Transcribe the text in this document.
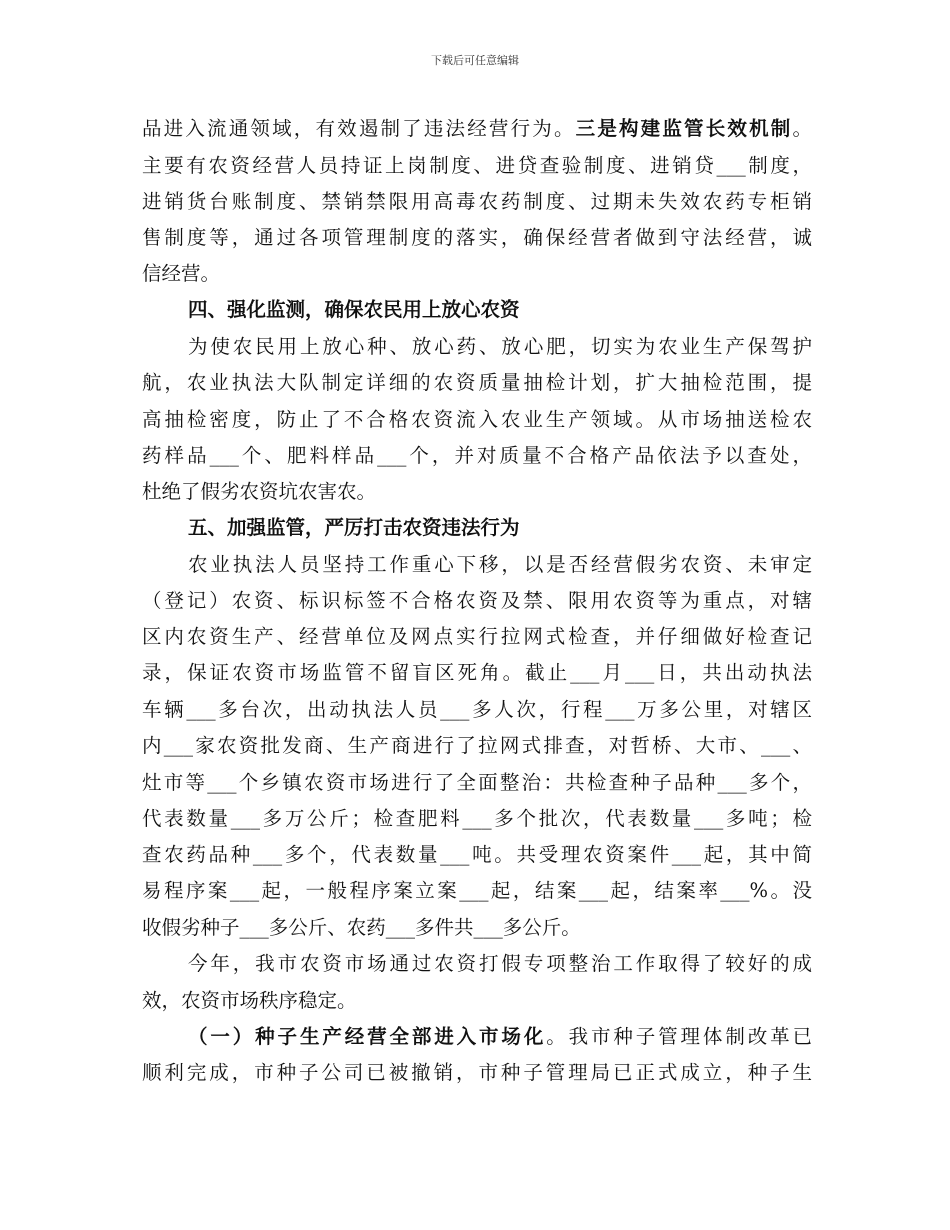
下载后可任意编辑
品进入流通领域，有效遏制了违法经营行为。三是构建监管长效机制。
主要有农资经营人员持证上岗制度、进贷查验制度、进销贷___制度，
进销货台账制度、禁销禁限用高毒农药制度、过期未失效农药专柜销
售制度等，通过各项管理制度的落实，确保经营者做到守法经营，诚
信经营。
四、强化监测，确保农民用上放心农资
为使农民用上放心种、放心药、放心肥，切实为农业生产保驾护
航，农业执法大队制定详细的农资质量抽检计划，扩大抽检范围，提
高抽检密度，防止了不合格农资流入农业生产领域。从市场抽送检农
药样品___个、肥料样品___个，并对质量不合格产品依法予以查处，
杜绝了假劣农资坑农害农。
五、加强监管，严厉打击农资违法行为
农业执法人员坚持工作重心下移，以是否经营假劣农资、未审定
（登记）农资、标识标签不合格农资及禁、限用农资等为重点，对辖
区内农资生产、经营单位及网点实行拉网式检查，并仔细做好检查记
录，保证农资市场监管不留盲区死角。截止___月___日，共出动执法
车辆___多台次，出动执法人员___多人次，行程___万多公里，对辖区
内___家农资批发商、生产商进行了拉网式排查，对哲桥、大市、___、
灶市等___个乡镇农资市场进行了全面整治：共检查种子品种___多个，
代表数量___多万公斤；检查肥料___多个批次，代表数量___多吨；检
查农药品种___多个，代表数量___吨。共受理农资案件___起，其中简
易程序案___起，一般程序案立案___起，结案___起，结案率___%。没
收假劣种子___多公斤、农药___多件共___多公斤。
今年，我市农资市场通过农资打假专项整治工作取得了较好的成
效，农资市场秩序稳定。
（一）种子生产经营全部进入市场化。我市种子管理体制改革已
顺利完成，市种子公司已被撤销，市种子管理局已正式成立，种子生
